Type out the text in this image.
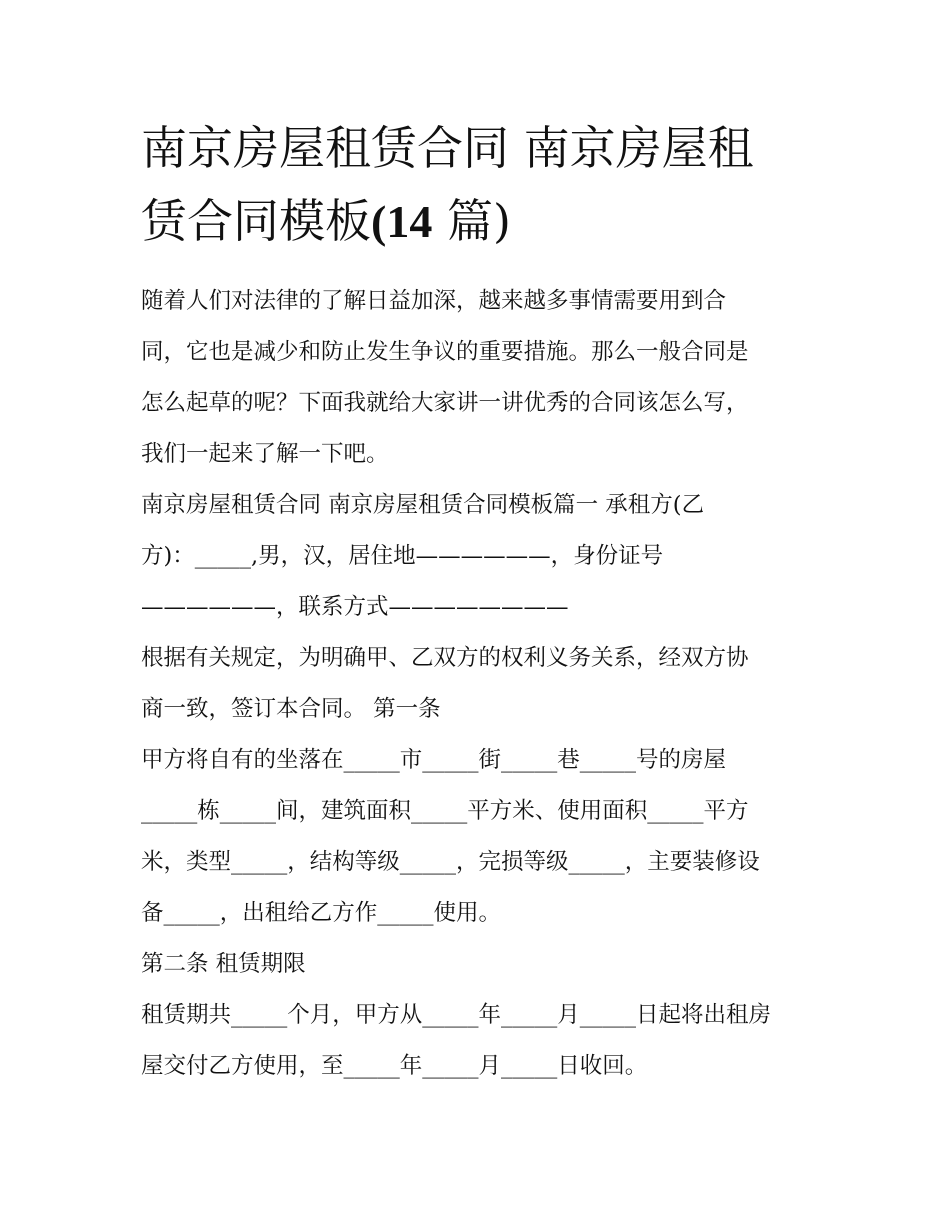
南京房屋租赁合同 南京房屋租
赁合同模板(14 篇)

随着人们对法律的了解日益加深，越来越多事情需要用到合
同，它也是减少和防止发生争议的重要措施。那么一般合同是
怎么起草的呢？下面我就给大家讲一讲优秀的合同该怎么写，
我们一起来了解一下吧。

南京房屋租赁合同 南京房屋租赁合同模板篇一 承租方(乙
方)：_____,男，汉，居住地——————，身份证号
——————，联系方式————————

根据有关规定，为明确甲、乙双方的权利义务关系，经双方协
商一致，签订本合同。 第一条

甲方将自有的坐落在_____市_____街_____巷_____号的房屋
_____栋_____间，建筑面积_____平方米、使用面积_____平方
米，类型_____，结构等级_____，完损等级_____，主要装修设
备_____，出租给乙方作_____使用。

第二条 租赁期限

租赁期共_____个月，甲方从_____年_____月_____日起将出租房
屋交付乙方使用，至_____年_____月_____日收回。
